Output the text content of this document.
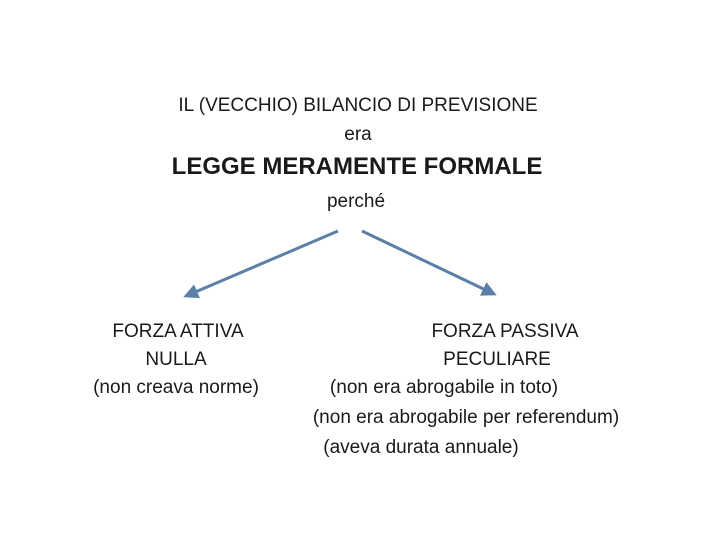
IL (VECCHIO) BILANCIO DI PREVISIONE
era
LEGGE MERAMENTE FORMALE
perché
FORZA ATTIVA
NULLA
(non creava norme)
FORZA PASSIVA
PECULIARE
(non era abrogabile in toto)
(non era abrogabile per referendum)
(aveva durata annuale)
